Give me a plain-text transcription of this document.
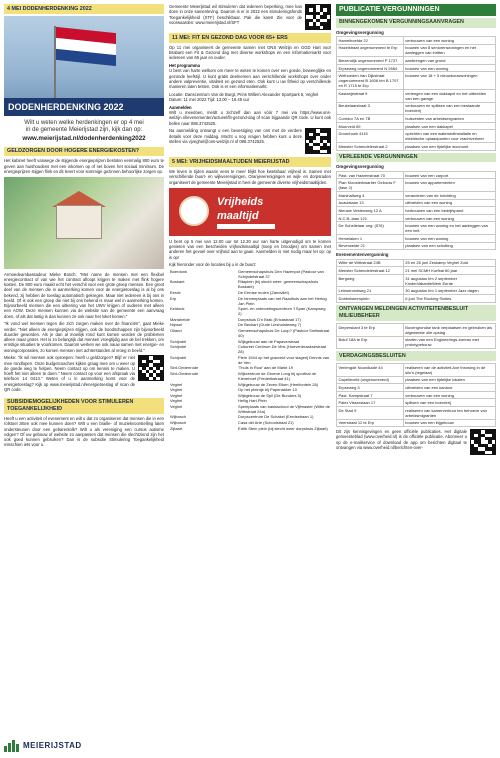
4 MEI DODENHERDENKING 2022
DODENHERDENKING 2022
Wilt u weten welke herdenkingen er op 4 mei
in de gemeente Meierijstad zijn, kijk dan op:
www.meierijstad.nl/dodenherdenking2022
GELDZORGEN DOOR HOGERE ENERGIEKOSTEN?

Het kabinet heeft vanwege de stijgende energieprijzen besloten eenmalig 800 euro te geven aan huishoudens met een inkomen op of net boven het sociaal minimum. De energieprijzen stijgen flink en dit levert voor sommige gezinnen behoorlijke zorgen op.

Armoedeambassadeur Mieke Bosch: "Met name de mensen met een flexibel energiecontract of van wie het contract afloopt krijgen te maken met flink hogere kosten. De 800 euro maakt echt het verschil voor een grote groep mensen. Een groot deel van de mensen die in aanmerking komen voor de energietoeslag is al bij ons bekend, zij hebben de toeslag automatisch gekregen. Maar niet iedereen is bij ons in beeld. Of is ook een groep die niet bij ons bekend is maar wel in aanmerking komen. Bijvoorbeeld mensen die een uitkering van het UWV krijgen of ouderen met alleen een AOW. Deze mensen kunnen via de website van de gemeente een aanvraag doen, of als dat lastig is dan kunnen ze ook naar het loket komen."

"Ik vond wel mensen tegen die zich zorgen maken over de financiën", gaat Mieke verder. "Niet alleen de energieprijzen stijgen, ook de boodschappen zijn bijvoorbeeld duurder geworden. Als je dan al moeilijk rond kunt komen worden de problemen alleen maar groter. Het is zo belangrijk dat mensen vroegtijdig aan de bel trekken, om ernstige situaties te voorkomen. Daarom werken we ook nauw samen met energie- en woningcorporaties, zo komen mensen met achterstanden al vroeg in beeld."

Mieke: "Ik wil mensen ook oproepen: heeft u geldzorgen? Blijf er niet mee rondlopen. Onze budgetcoaches kijken graag mee om u weer op de goede weg te helpen. Neem contact op om kennis te maken. U hoeft het niet alleen te doen." Neem contact op voor een afspraak via telefoon 14 0413." Weten of u in aanmerking komt voor de energietoeslag? Kijk op www.meierijstad.nl/energietoeslag of scan de QR code.

SUBSIDIEMOGELIJKHEDEN VOOR STIMULEREN TOEGANKELIJKHEID

Heeft u een activiteit of evenement en wilt u dat zo organiseren dat mensen die in een rolstoel zitten ook mee kunnen doen? Wilt u een braille- of muziekvoorstelling laten ondersteunen door een gebarentolk? Wilt u als vereniging een cursus autisme volgen? Of uw gebouw of website zo aanpassen dat mensen die slechtziend zijn het ook goed kunnen gebruiken? Dan is de subsidie Stimulering Toegankelijkheid misschien iets voor u.

MEIERIJSTAD

Gemeente Meierijstad wil stimuleren dat iedereen beperking, mee kan doen in onze samenleving. Daarom is er in 2022 een stimuleringsfonds Toegankelijkheid (STF) beschikbaar. Pak die kans! Zie voor de voorwaarden: www.meierijstad.nl/SFT

11 MEI: FIT EN GEZOND DAG VOOR 65+ ERS

Op 11 mei organiseert de gemeente samen met ONS Welzijn en GGD Hart voor Brabant een Fit & Gezond dag met diverse workshops en een informatiemarkt voor iedereen van 65 jaar en ouder.

Het programma

U bent van harte welkom om meer te weten te komen over een goede, beweeglijke en gezonde leefstijl. U kunt gratis deelnemen aan verschillende workshops over onder andere valpreventie, vitaliteit en gezond eten. Ook kunt u uw fitheid op verschillende manieren laten testen. Ook is er een informatiemarkt.

Locatie: Danscentrum Van de Burgt, Prins Willem Alexander Sportpark 5, Veghel

Datum: 11 mei 2022 Tijd: 13.00 – 16.45 uur

Aanmelden

Wilt u meedoen, meldt u zichzelf dan aan vóór 7 mei via https://www.ons-welzijn.nl/evenementen/actueel/fit-gezond-dag of scan bijgaande QR code. U kunt ook bellen naar 088.3742525.

Na aanmelding ontvangt u een bevestiging van ons met de verdere details voor deze middag. Mocht u nog vragen hebben kunt u deze stellen via vjveghel@ons-welzijn.nl of 088.3742525.

5 MEI: VRIJHEIDSMAALTIJDEN MEIERIJSTAD

We leven in tijden waarin eens te meer blijkt hoe kwetsbaar vrijheid is. Samen met verschillende buurt- en wijkverenigingen, Oranjeverenigingen en wijk- en dorpsraden organiseert de gemeente Meierijstad in heel de gemeente diverse vrijheidsmaaltijden.

Vrijheids
maaltijd

U bent op 5 mei van 12.00 uur tot 12.30 uur van harte uitgenodigd om te komen genieten van een bescheiden vrijheidsmaaltijd (soep en broodjes) om samen met anderen het gevoel over vrijheid aan te gaan. Aanmelden is niet nodig maar let op: op is op!

Kijk hieronder voor de locaties bij u in de buurt:

Boerdonk	Gemeenschapshuis Den Hazenpot (Pastoor van Schijndelstraat 37
Boskant	Ritaplein (bij slecht weer: gemeenschapshuis Boskant)
Eerde	De Eerdse molen (Zandvliet)
Erp	De binnenplaats van het Raadhuis aan het Hertog Jan Plein
Keldonk	Sport- en ontmoetingscentrum 't Span (Kampweg 2)
Mariaheide	Dorpshuis D'n Brak (Ericastraat 17)
Nijnsel	De Beckart (Oude Liesholsteweg 7)
Olland	Gemeenschapshuis De Loop? (Pastoor Smitsstraat 40)
Schijndel	Wijkgebouw aan de Papaverstraat
Schijndel	Cultureel Centrum De Vink (Hoevenbraaksestraat 28)
Schijndel	Plein 1944 op het gravveld voor slagerij Dennis van de Ven
Sint-Oedenrode	'Thuis in Rooi' aan de Markt 19
Sint-Oedenrode	Wijkcentrum de Groene Long bij sporthal de Kienehoef (Frederikstraat 41)
Veghel	Wijkgebouw de Zeven Eiken (Heelfontein 28)
Veghel	Op het pleintje bij Papenakker 10
Veghel	Wijkgebouw de Spil (De Bunders 5)
Veghel	Heilig Hart Plein
Veghel	Speelplaats van basisschool de Vijfmaster (Witte de Withstraat 24a)
Wijbosch	Dorpscentrum De Schakel (Eerdsebaan 1)
Wijbosch	Casa del Arte (Schoolstraat 21)
Zijtaart	Edith Stein plein (bij slecht weer dorpshuis Zijtaart)
PUBLICATIE VERGUNNINGEN
BINNENGEKOMEN VERGUNNINGSAANVRAGEN
Omgevingsvergunning
Hamelhoefde 22	verbouwen van een woning
Hazelstraat ongenummerd te Erp	bouwen van 8 seniorenwoningen en het aanleggen van inritten
Biezendijk ongenummerd P 1737	aanbrengen van grond
Erpseweg ongenummerd N 2684	bouwen van een woning
Welhoeden Van Dijkstraat ongenummerd B 1606 t/m B 1707 en R 1715 te Erp	bouwen van 18 + 5 nieuwbouwwoningen
Kastanjestraat 9	verlengen van een dakkapel en het uitbreiden van een garage
Beukelaarstraat 3	verbouwen en splitsen van een bestaande boerderij
Corridor 7A en 7B	huisvesten van arbeidsmigranten
Muurveld 69	plaatsen van een dakkapel
Doornhoek 4115	oprichten van een waterstofinstallatie en elektrische oplaadpunten voor vrachtverkeer
Meester Schendelerstraat 2	plaatsen van een tijdelijke woonunit
VERLEENDE VERGUNNINGEN
Omgevingsvergunning
Past. van Haarenstraat 70	bouwen van een carport
Plan Kloosterkwartier Gebouw F (fase 2)	bouwen van appartementen
Marshallweg 4	veranderen van de inrichting
Acacialaan 13	uitbreiden van een woning
Nieuwe Veldenweg 12 A	herbouwen van een bedrijfspand
N.C.B.-laan 121	verbouwen van een woning
De Schellelaar ong. (576)	bouwen van een woning en het aanleggen van een inrit
Hemelaken 1	bouwen van een woning
Beverweide 21	plaatsen van een schutting
Evenementenvergunning
Witte de Withstraat 24B	25 en 26 juni Zeskamp Veghel Zuid
Meester Schendelerstraat 12	21 mei SCMH Korfbal 60 jaar
Bergweg	31 augustus t/m 2 september KinderVakantieWerk Eerde
Leinserondweg 21	30 augustus t/m 1 september Jazz dagen
Dobbelsteenplein	6 juni The Rocking Sixties
ONTVANGEN MELDINGEN ACTIVITEITENBESLUIT MILIEUBEHEER
Dieperskant 3 te Erp	Bovengrondse tank verplaatsen en gebruiken als afgewerkte olie opslag
Boluf 18A te Erp	starten van een Engineerings-bureau met prototypebouw
VERDAGINGSBESLUITEN
Verlengde Noordkade 44	realiseren van de activiteit Axe throwing in de silo's (tegelaar)
Capelleveld (ongenummerd)	plaatsen van een tijdelijke lokalen
Erpseweg 3	uitbreiden van een kantoor
Past. Kampstraat 7	verbouwen van een woning
Pater Vissersiaan 17	splitsen van een boerderij
De Stad 9	realiseren van kamerverhuur ten behoeve van arbeidsmigranten
Veerstraat 12 te Erp	bouwen van een bijgebouw

Dit zijn kennisgevingen en geen officiële publicaties. Het digitale gemeenteblad (www.overheid.nl) is de officiële publicatie. Abonneer u op de e-mailservice of download de app om berichten digitaal te ontvangen via www.overheid.nl/berichten-over-
